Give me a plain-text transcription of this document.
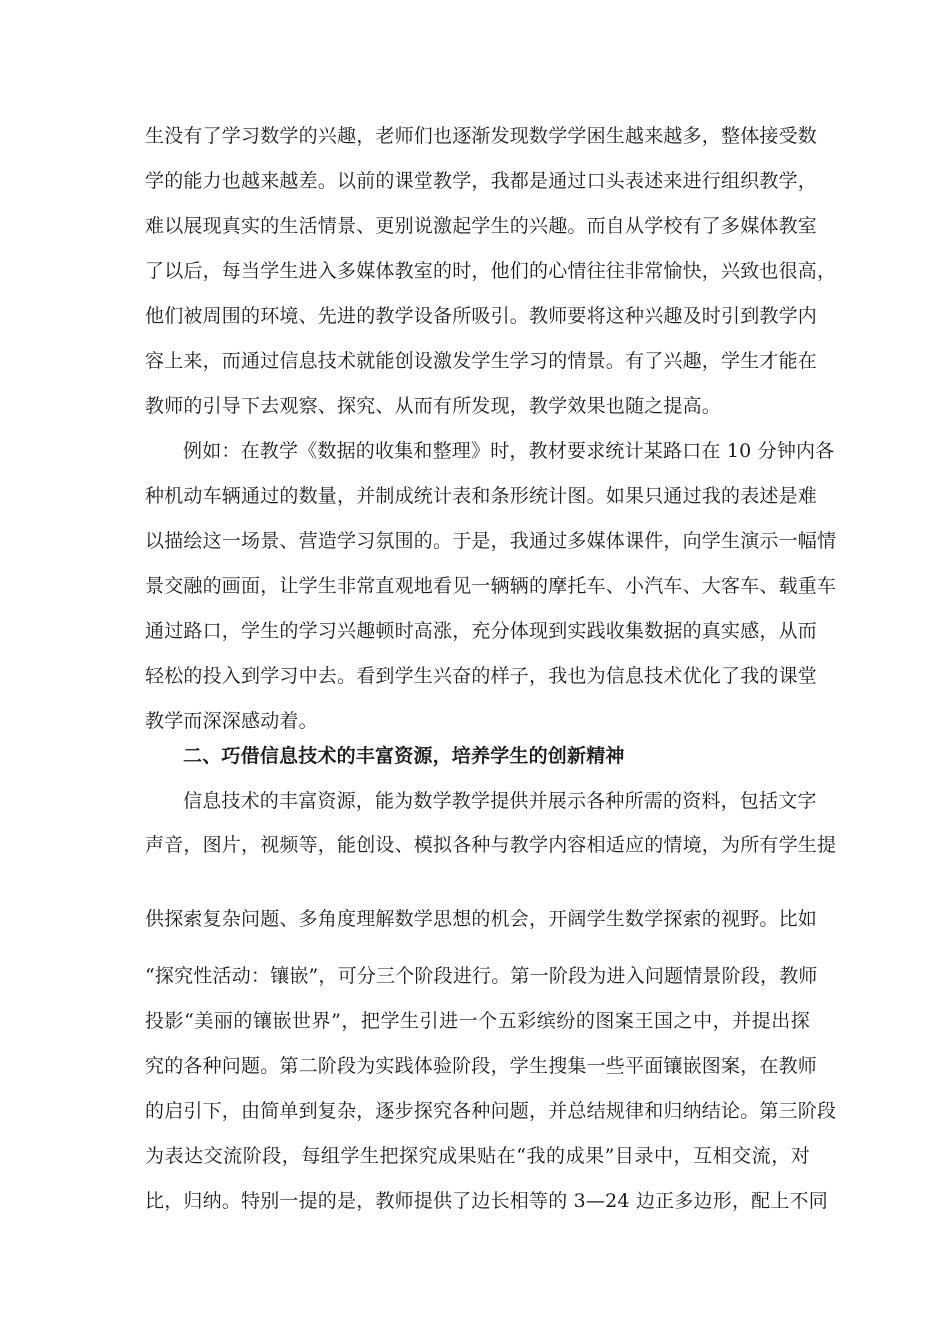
生没有了学习数学的兴趣，老师们也逐渐发现数学学困生越来越多，整体接受数
学的能力也越来越差。以前的课堂教学，我都是通过口头表述来进行组织教学，
难以展现真实的生活情景、更别说激起学生的兴趣。而自从学校有了多媒体教室
了以后，每当学生进入多媒体教室的时，他们的心情往往非常愉快，兴致也很高，
他们被周围的环境、先进的教学设备所吸引。教师要将这种兴趣及时引到教学内
容上来，而通过信息技术就能创设激发学生学习的情景。有了兴趣，学生才能在
教师的引导下去观察、探究、从而有所发现，教学效果也随之提高。
例如：在教学《数据的收集和整理》时，教材要求统计某路口在 10 分钟内各
种机动车辆通过的数量，并制成统计表和条形统计图。如果只通过我的表述是难
以描绘这一场景、营造学习氛围的。于是，我通过多媒体课件，向学生演示一幅情
景交融的画面，让学生非常直观地看见一辆辆的摩托车、小汽车、大客车、载重车
通过路口，学生的学习兴趣顿时高涨，充分体现到实践收集数据的真实感，从而
轻松的投入到学习中去。看到学生兴奋的样子，我也为信息技术优化了我的课堂
教学而深深感动着。
二、巧借信息技术的丰富资源，培养学生的创新精神
信息技术的丰富资源，能为数学教学提供并展示各种所需的资料，包括文字
声音，图片，视频等，能创设、模拟各种与教学内容相适应的情境，为所有学生提
供探索复杂问题、多角度理解数学思想的机会，开阔学生数学探索的视野。比如
“探究性活动：镶嵌”，可分三个阶段进行。第一阶段为进入问题情景阶段，教师
投影“美丽的镶嵌世界”，把学生引进一个五彩缤纷的图案王国之中，并提出探
究的各种问题。第二阶段为实践体验阶段，学生搜集一些平面镶嵌图案，在教师
的启引下，由简单到复杂，逐步探究各种问题，并总结规律和归纳结论。第三阶段
为表达交流阶段，每组学生把探究成果贴在“我的成果”目录中，互相交流，对
比，归纳。特别一提的是，教师提供了边长相等的 3—24 边正多边形，配上不同
